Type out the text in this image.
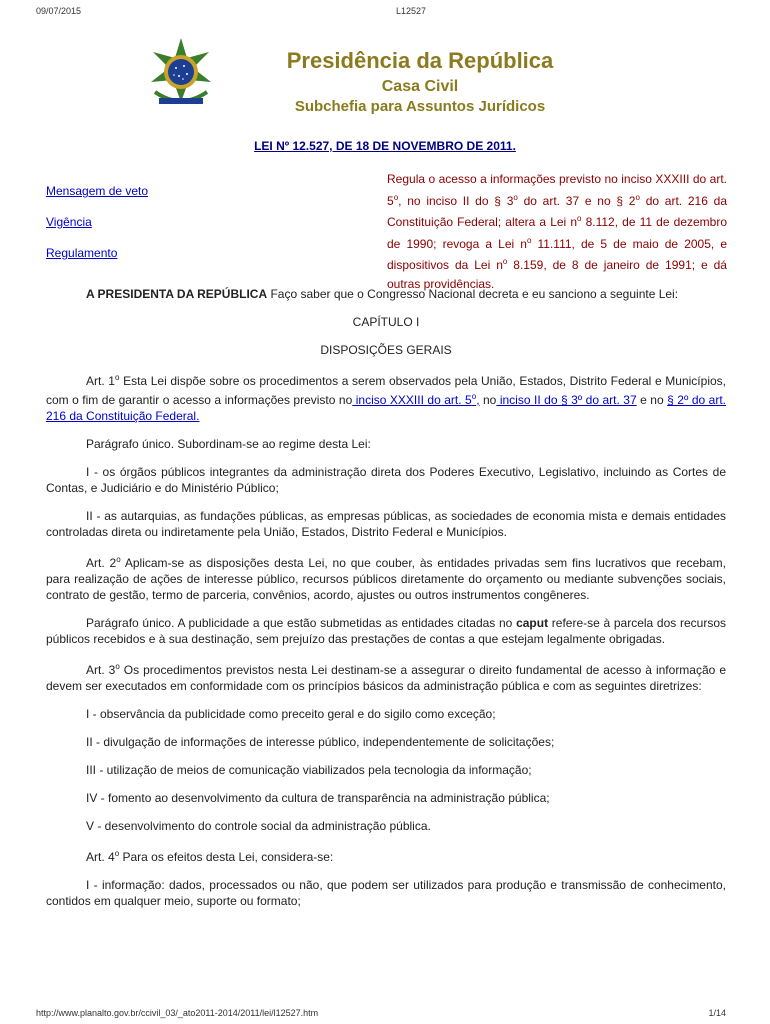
09/07/2015	L12527
Presidência da República
Casa Civil
Subchefia para Assuntos Jurídicos
LEI Nº 12.527, DE 18 DE NOVEMBRO DE 2011.
Mensagem de veto
Vigência
Regulamento
Regula o acesso a informações previsto no inciso XXXIII do art. 5$^o$, no inciso II do § 3$^o$ do art. 37 e no § 2$^o$ do art. 216 da Constituição Federal; altera a Lei $n^o$ 8.112, de 11 de dezembro de 1990; revoga a Lei $n^o$ 11.111, de 5 de maio de 2005, e dispositivos da Lei $n^o$ 8.159, de 8 de janeiro de 1991; e dá outras providências.

A PRESIDENTA DA REPÚBLICA Faço saber que o Congresso Nacional decreta e eu sanciono a seguinte Lei:

CAPÍTULO I

DISPOSIÇÕES GERAIS

Art. 1$^o$ Esta Lei dispõe sobre os procedimentos a serem observados pela União, Estados, Distrito Federal e Municípios, com o fim de garantir o acesso a informações previsto no inciso XXXIII do art. 5$^o$, no inciso II do § 3º do art. 37 e no § 2º do art. 216 da Constituição Federal.

Parágrafo único. Subordinam-se ao regime desta Lei:

I - os órgãos públicos integrantes da administração direta dos Poderes Executivo, Legislativo, incluindo as Cortes de Contas, e Judiciário e do Ministério Público;

II - as autarquias, as fundações públicas, as empresas públicas, as sociedades de economia mista e demais entidades controladas direta ou indiretamente pela União, Estados, Distrito Federal e Municípios.

Art. 2$^o$ Aplicam-se as disposições desta Lei, no que couber, às entidades privadas sem fins lucrativos que recebam, para realização de ações de interesse público, recursos públicos diretamente do orçamento ou mediante subvenções sociais, contrato de gestão, termo de parceria, convênios, acordo, ajustes ou outros instrumentos congêneres.

Parágrafo único. A publicidade a que estão submetidas as entidades citadas no caput refere-se à parcela dos recursos públicos recebidos e à sua destinação, sem prejuízo das prestações de contas a que estejam legalmente obrigadas.

Art. 3$^o$ Os procedimentos previstos nesta Lei destinam-se a assegurar o direito fundamental de acesso à informação e devem ser executados em conformidade com os princípios básicos da administração pública e com as seguintes diretrizes:

I - observância da publicidade como preceito geral e do sigilo como exceção;

II - divulgação de informações de interesse público, independentemente de solicitações;

III - utilização de meios de comunicação viabilizados pela tecnologia da informação;

IV - fomento ao desenvolvimento da cultura de transparência na administração pública;

V - desenvolvimento do controle social da administração pública.

Art. 4$^o$ Para os efeitos desta Lei, considera-se:

I - informação: dados, processados ou não, que podem ser utilizados para produção e transmissão de conhecimento, contidos em qualquer meio, suporte ou formato;

http://www.planalto.gov.br/ccivil_03/_ato2011-2014/2011/lei/l12527.htm	1/14
